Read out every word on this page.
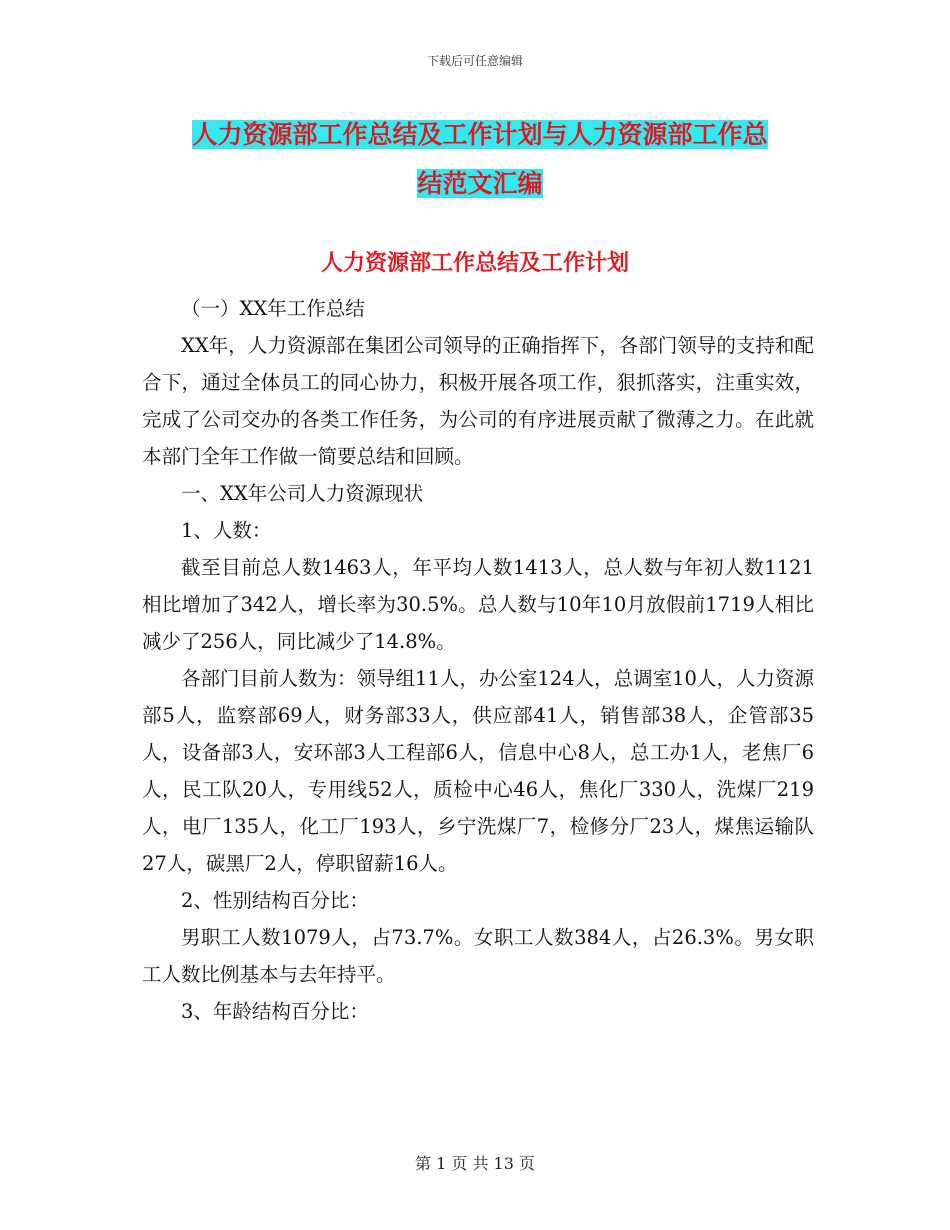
下载后可任意编辑
人力资源部工作总结及工作计划与人力资源部工作总
结范文汇编
人力资源部工作总结及工作计划

（一）XX年工作总结

XX年，人力资源部在集团公司领导的正确指挥下，各部门领导的支持和配合下，通过全体员工的同心协力，积极开展各项工作，狠抓落实，注重实效，完成了公司交办的各类工作任务，为公司的有序进展贡献了微薄之力。在此就本部门全年工作做一简要总结和回顾。

一、XX年公司人力资源现状

1、人数：

截至目前总人数1463人，年平均人数1413人，总人数与年初人数1121相比增加了342人，增长率为30.5%。总人数与10年10月放假前1719人相比减少了256人，同比减少了14.8%。

各部门目前人数为：领导组11人，办公室124人，总调室10人，人力资源部5人，监察部69人，财务部33人，供应部41人，销售部38人，企管部35人，设备部3人，安环部3人工程部6人，信息中心8人，总工办1人，老焦厂6人，民工队20人，专用线52人，质检中心46人，焦化厂330人，洗煤厂219人，电厂135人，化工厂193人，乡宁洗煤厂7，检修分厂23人，煤焦运输队27人，碳黑厂2人，停职留薪16人。

2、性别结构百分比：

男职工人数1079人，占73.7%。女职工人数384人，占26.3%。男女职工人数比例基本与去年持平。

3、年龄结构百分比：

第 1 页 共 13 页
